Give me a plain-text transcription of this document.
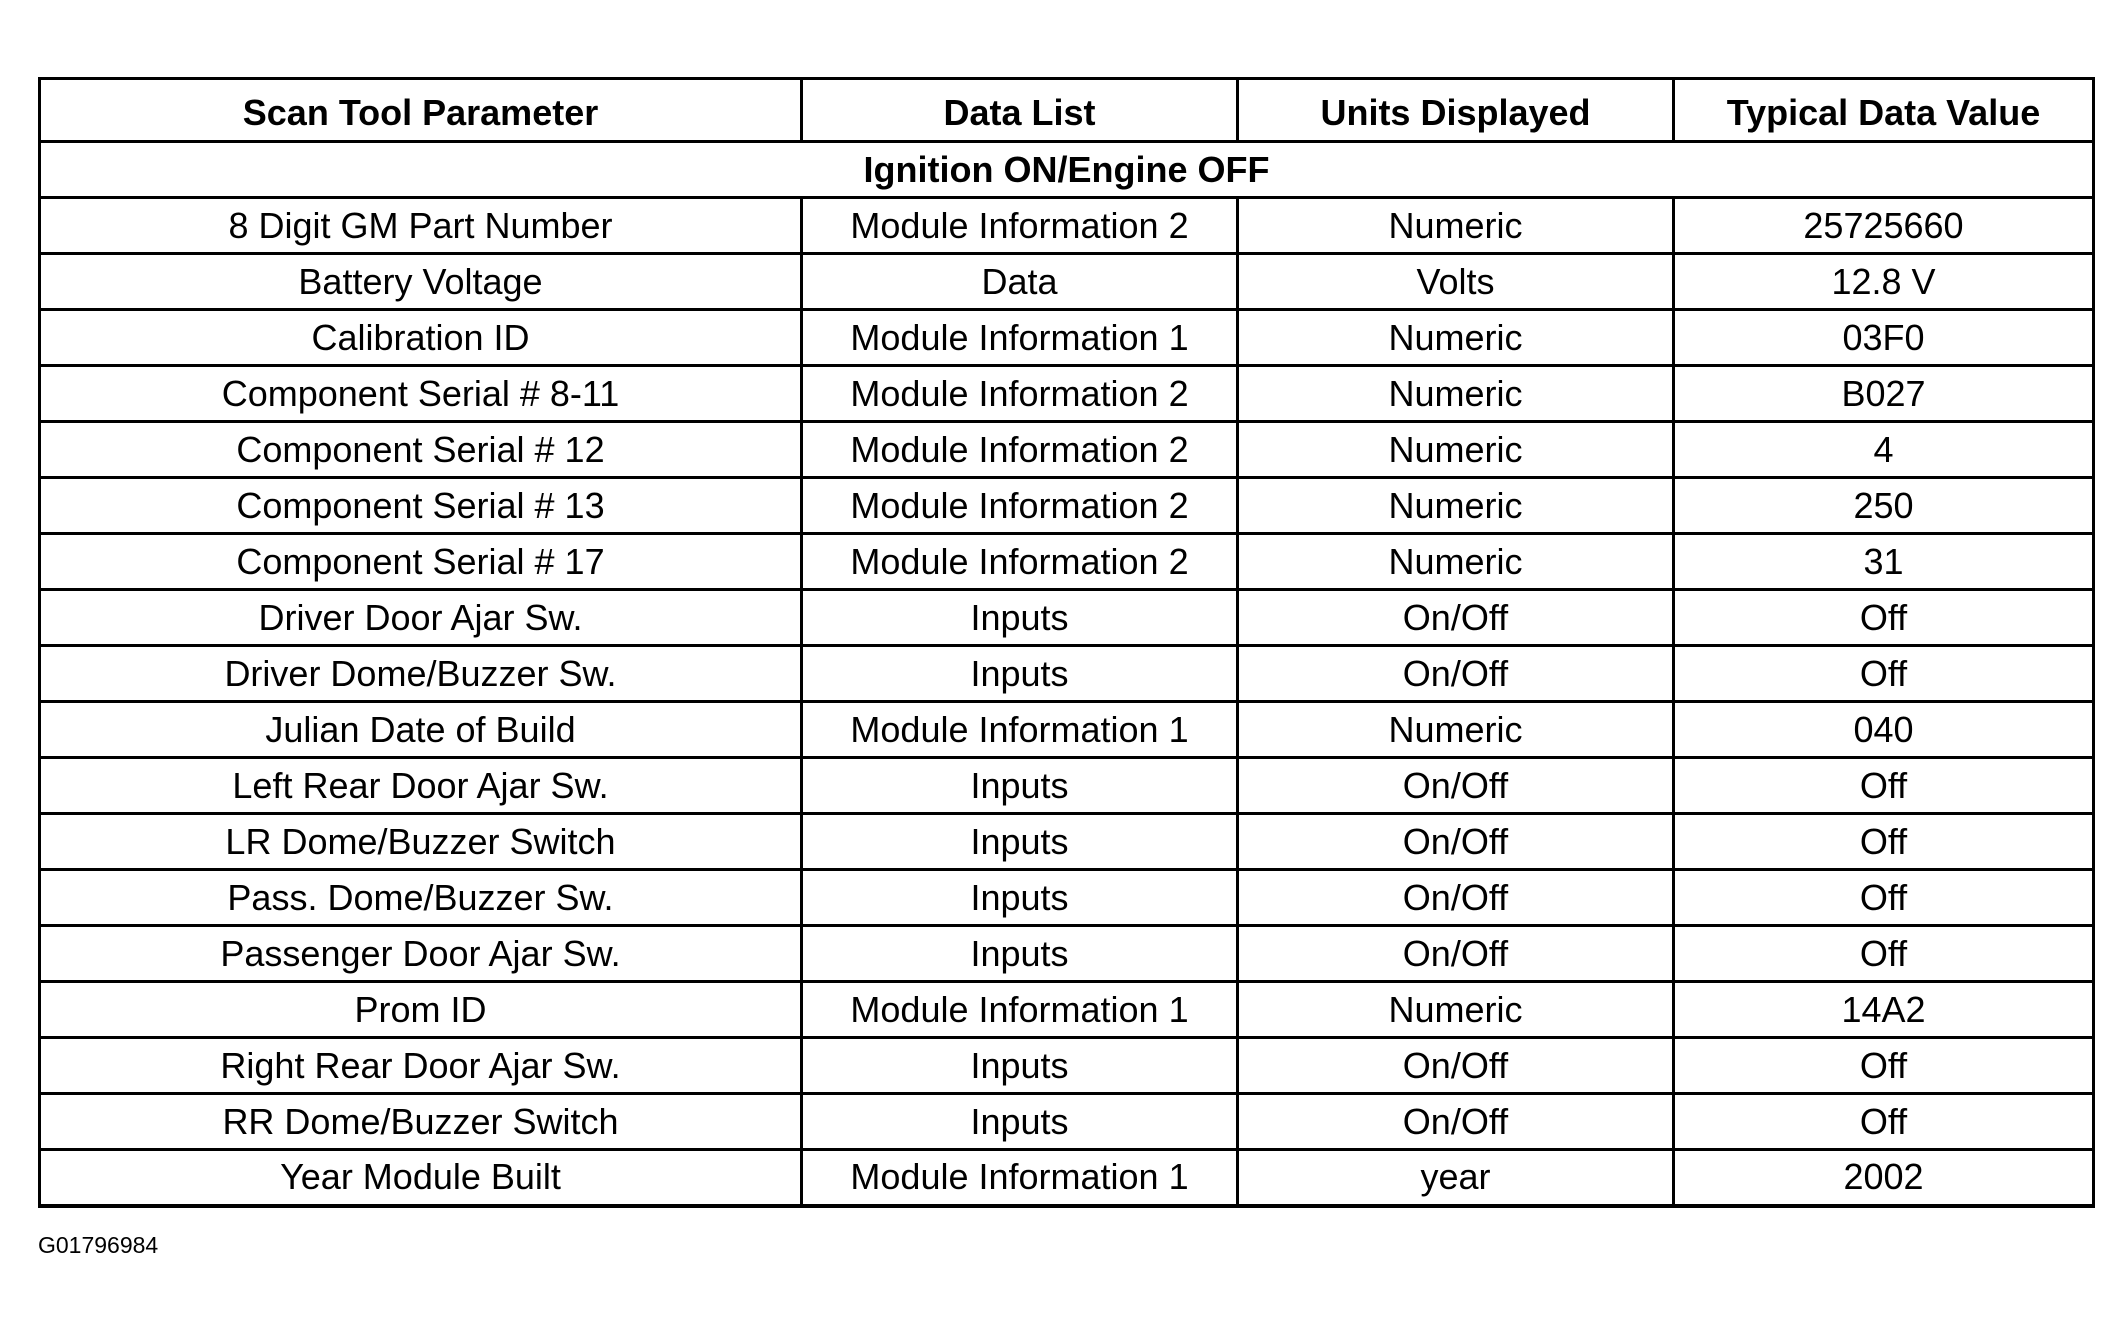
Scan Tool Parameter	Data List	Units Displayed	Typical Data Value
Ignition ON/Engine OFF			
8 Digit GM Part Number	Module Information 2	Numeric	25725660
Battery Voltage	Data	Volts	12.8 V
Calibration ID	Module Information 1	Numeric	03F0
Component Serial # 8-11	Module Information 2	Numeric	B027
Component Serial # 12	Module Information 2	Numeric	4
Component Serial # 13	Module Information 2	Numeric	250
Component Serial # 17	Module Information 2	Numeric	31
Driver Door Ajar Sw.	Inputs	On/Off	Off
Driver Dome/Buzzer Sw.	Inputs	On/Off	Off
Julian Date of Build	Module Information 1	Numeric	040
Left Rear Door Ajar Sw.	Inputs	On/Off	Off
LR Dome/Buzzer Switch	Inputs	On/Off	Off
Pass. Dome/Buzzer Sw.	Inputs	On/Off	Off
Passenger Door Ajar Sw.	Inputs	On/Off	Off
Prom ID	Module Information 1	Numeric	14A2
Right Rear Door Ajar Sw.	Inputs	On/Off	Off
RR Dome/Buzzer Switch	Inputs	On/Off	Off
Year Module Built	Module Information 1	year	2002
G01796984
